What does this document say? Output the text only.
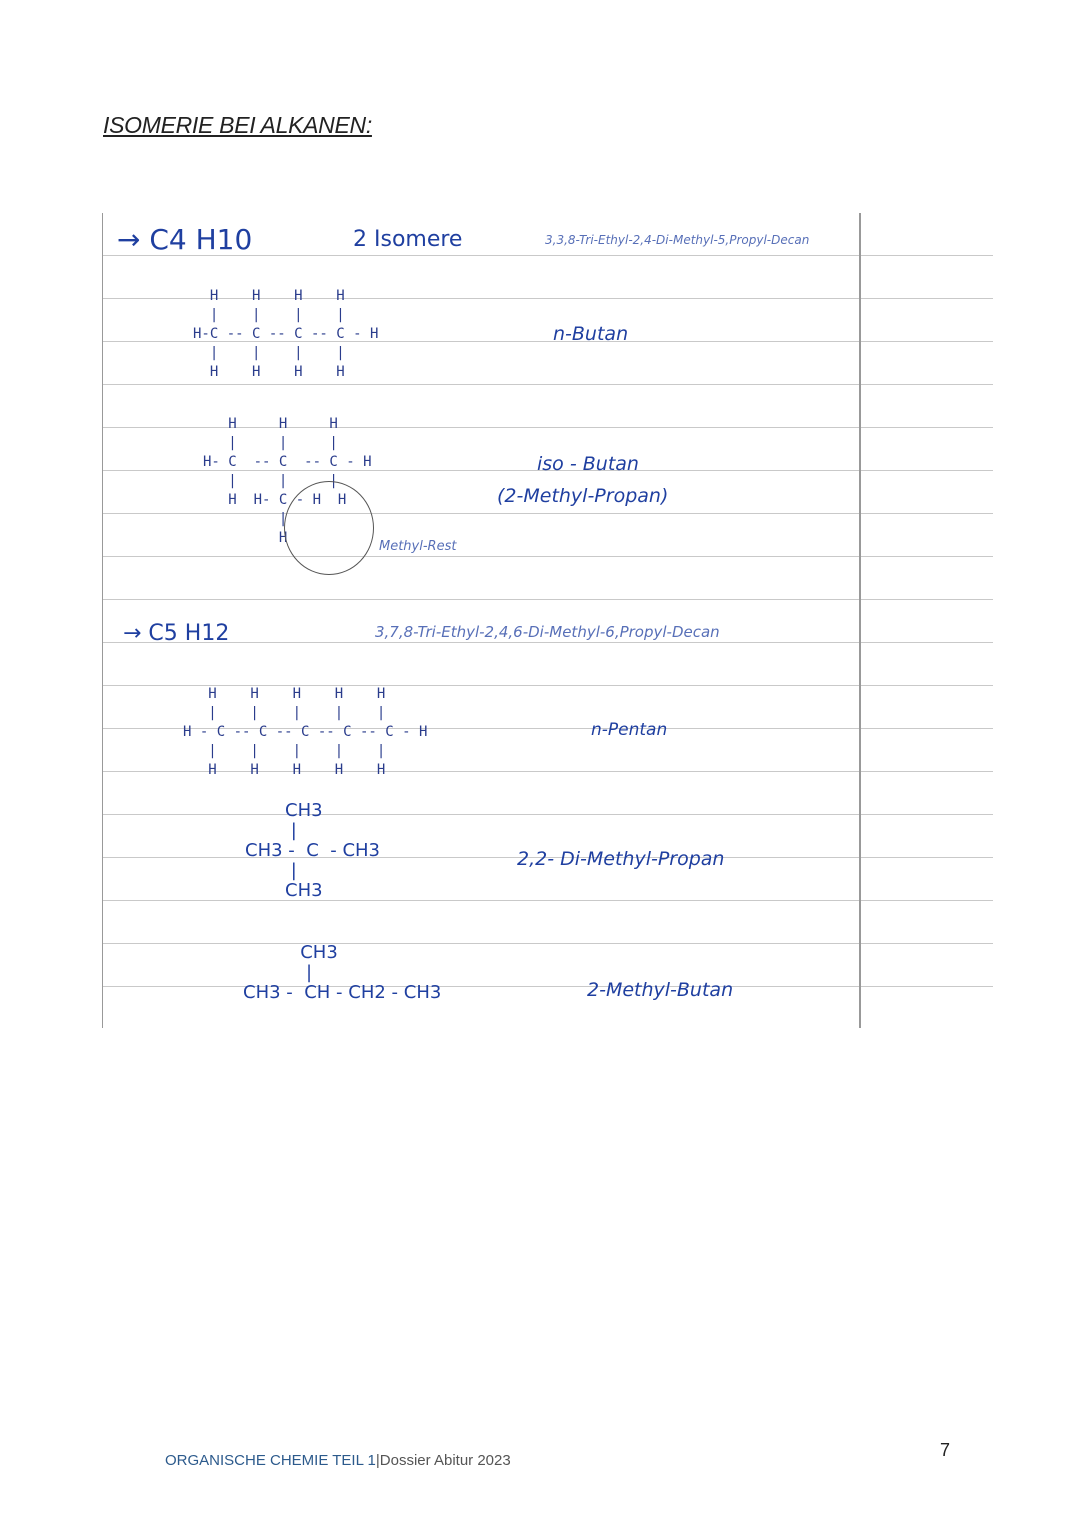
ISOMERIE BEI ALKANEN:
→ C4 H10	2 Isomere	3,3,8-Tri-Ethyl-2,4-Di-Methyl-5,Propyl-Decan
H    H    H    H
|    |    |    |
H-C -- C -- C -- C - H
|    |    |    |
H    H    H    H
n-Butan
H     H     H
|     |     |
H- C  -- C  -- C - H
|     |     |
H  H- C - H  H
|
H
Methyl-Rest
iso - Butan
(2-Methyl-Propan)
→ C5 H12	3,7,8-Tri-Ethyl-2,4,6-Di-Methyl-6,Propyl-Decan
H    H    H    H    H
|    |    |    |    |
H - C -- C -- C -- C -- C - H
|    |    |    |    |
H    H    H    H    H
n-Pentan
CH3
|
CH3 -  C  - CH3
|
CH3
2,2- Di-Methyl-Propan
CH3
|
CH3 -  CH - CH2 - CH3	2-Methyl-Butan
ORGANISCHE CHEMIE TEIL 1|Dossier Abitur 2023
7
